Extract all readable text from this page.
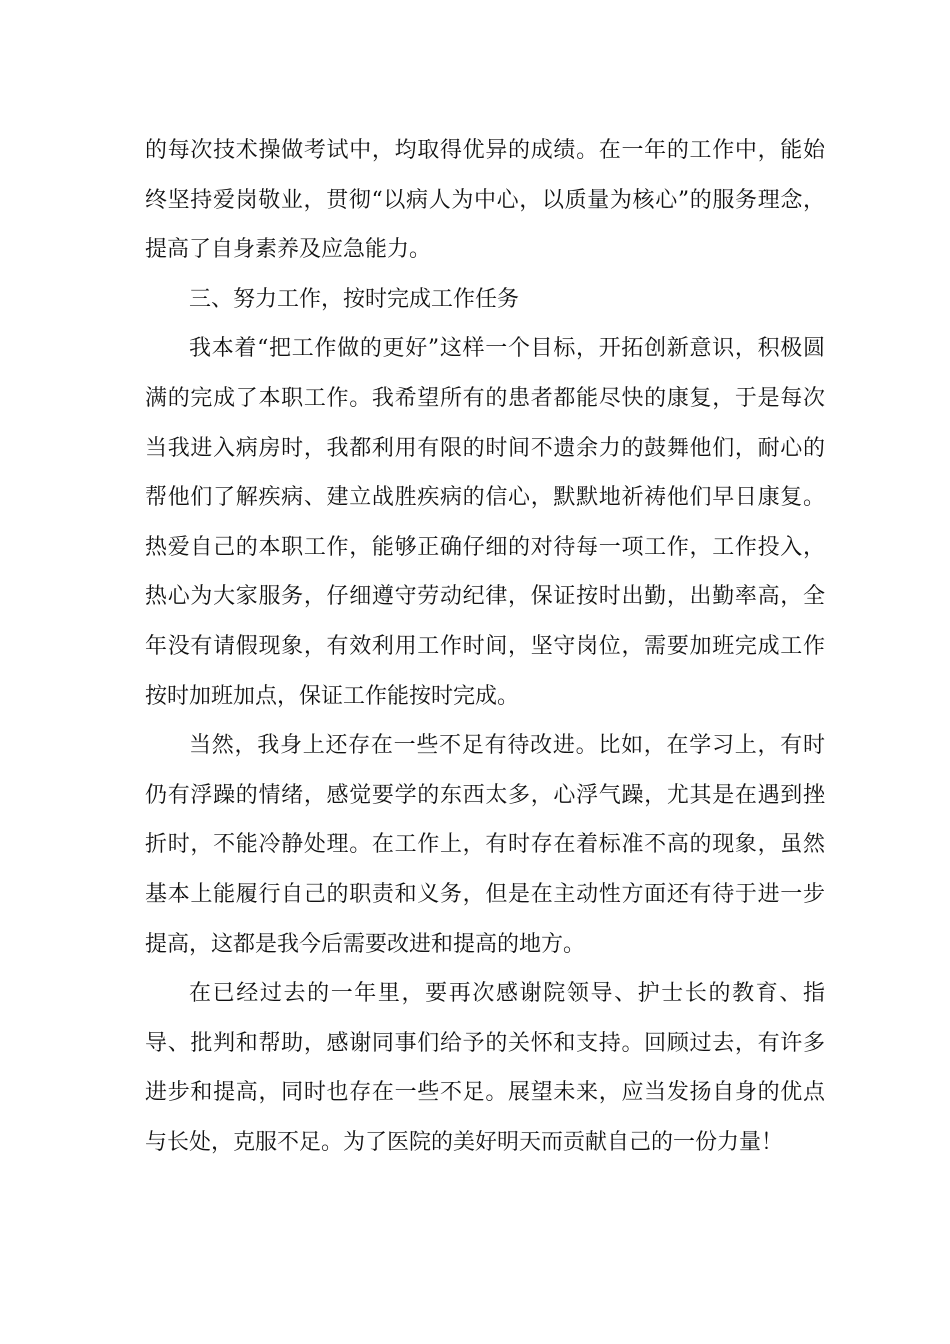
的每次技术操做考试中，均取得优异的成绩。在一年的工作中，能始终坚持爱岗敬业，贯彻“以病人为中心，以质量为核心”的服务理念，提高了自身素养及应急能力。

三、努力工作，按时完成工作任务

我本着“把工作做的更好”这样一个目标，开拓创新意识，积极圆满的完成了本职工作。我希望所有的患者都能尽快的康复，于是每次当我进入病房时，我都利用有限的时间不遗余力的鼓舞他们，耐心的帮他们了解疾病、建立战胜疾病的信心，默默地祈祷他们早日康复。热爱自己的本职工作，能够正确仔细的对待每一项工作，工作投入，热心为大家服务，仔细遵守劳动纪律，保证按时出勤，出勤率高，全年没有请假现象，有效利用工作时间，坚守岗位，需要加班完成工作按时加班加点，保证工作能按时完成。

当然，我身上还存在一些不足有待改进。比如，在学习上，有时仍有浮躁的情绪，感觉要学的东西太多，心浮气躁，尤其是在遇到挫折时，不能冷静处理。在工作上，有时存在着标准不高的现象，虽然基本上能履行自己的职责和义务，但是在主动性方面还有待于进一步提高，这都是我今后需要改进和提高的地方。

在已经过去的一年里，要再次感谢院领导、护士长的教育、指导、批判和帮助，感谢同事们给予的关怀和支持。回顾过去，有许多进步和提高，同时也存在一些不足。展望未来，应当发扬自身的优点与长处，克服不足。为了医院的美好明天而贡献自己的一份力量！
